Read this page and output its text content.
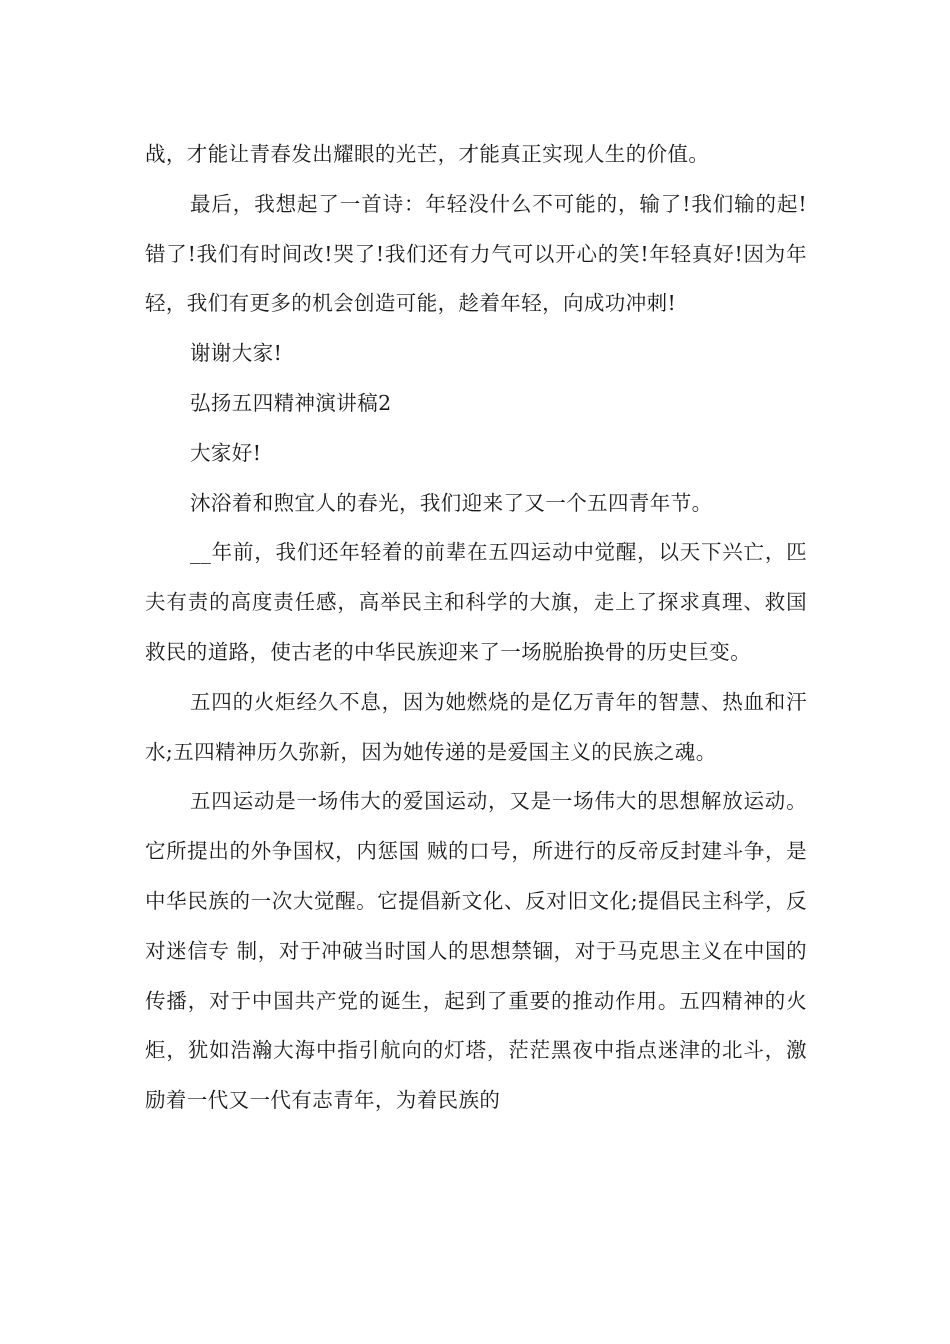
战，才能让青春发出耀眼的光芒，才能真正实现人生的价值。

最后，我想起了一首诗：年轻没什么不可能的，输了!我们输的起!错了!我们有时间改!哭了!我们还有力气可以开心的笑!年轻真好!因为年轻，我们有更多的机会创造可能，趁着年轻，向成功冲刺!

谢谢大家!

弘扬五四精神演讲稿2

大家好!

沐浴着和煦宜人的春光，我们迎来了又一个五四青年节。

__年前，我们还年轻着的前辈在五四运动中觉醒，以天下兴亡，匹夫有责的高度责任感，高举民主和科学的大旗，走上了探求真理、救国救民的道路，使古老的中华民族迎来了一场脱胎换骨的历史巨变。

五四的火炬经久不息，因为她燃烧的是亿万青年的智慧、热血和汗水;五四精神历久弥新，因为她传递的是爱国主义的民族之魂。

五四运动是一场伟大的爱国运动，又是一场伟大的思想解放运动。它所提出的外争国权，内惩国 贼的口号，所进行的反帝反封建斗争，是中华民族的一次大觉醒。它提倡新文化、反对旧文化;提倡民主科学，反对迷信专 制，对于冲破当时国人的思想禁锢，对于马克思主义在中国的传播，对于中国共产党的诞生，起到了重要的推动作用。五四精神的火炬，犹如浩瀚大海中指引航向的灯塔，茫茫黑夜中指点迷津的北斗，激励着一代又一代有志青年，为着民族的
